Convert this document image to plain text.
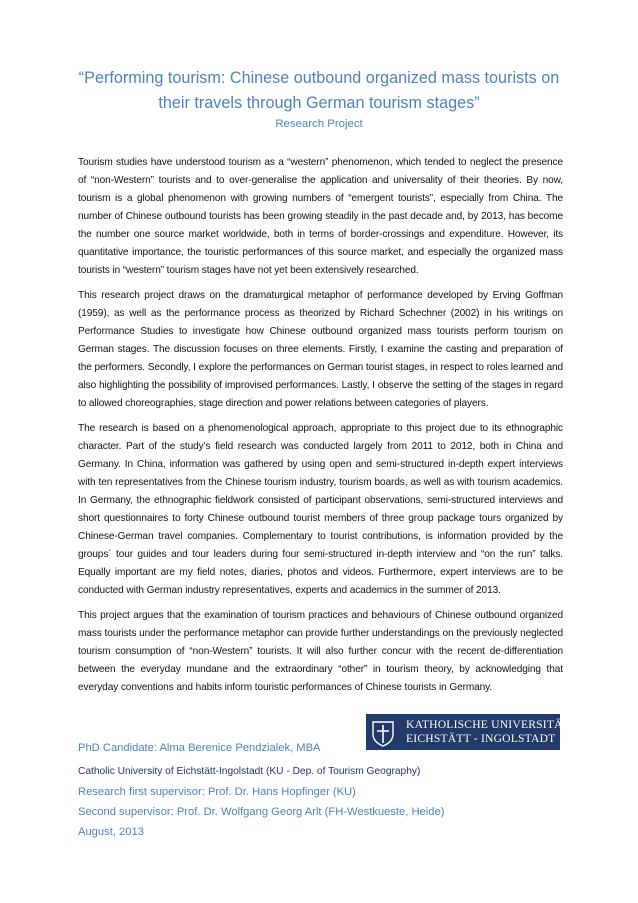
“Performing tourism: Chinese outbound organized mass tourists on
their travels through German tourism stages”
Research Project

Tourism studies have understood tourism as a “western” phenomenon, which tended to neglect the presence of “non-Western” tourists and to over-generalise the application and universality of their theories. By now, tourism is a global phenomenon with growing numbers of “emergent tourists”, especially from China. The number of Chinese outbound tourists has been growing steadily in the past decade and, by 2013, has become the number one source market worldwide, both in terms of border-crossings and expenditure. However, its quantitative importance, the touristic performances of this source market, and especially the organized mass tourists in “western” tourism stages have not yet been extensively researched.

This research project draws on the dramaturgical metaphor of performance developed by Erving Goffman (1959), as well as the performance process as theorized by Richard Schechner (2002) in his writings on Performance Studies to investigate how Chinese outbound organized mass tourists perform tourism on German stages. The discussion focuses on three elements. Firstly, I examine the casting and preparation of the performers. Secondly, I explore the performances on German tourist stages, in respect to roles learned and also highlighting the possibility of improvised performances. Lastly, I observe the setting of the stages in regard to allowed choreographies, stage direction and power relations between categories of players.

The research is based on a phenomenological approach, appropriate to this project due to its ethnographic character. Part of the study’s field research was conducted largely from 2011 to 2012, both in China and Germany. In China, information was gathered by using open and semi-structured in-depth expert interviews with ten representatives from the Chinese tourism industry, tourism boards, as well as with tourism academics. In Germany, the ethnographic fieldwork consisted of participant observations, semi-structured interviews and short questionnaires to forty Chinese outbound tourist members of three group package tours organized by Chinese-German travel companies. Complementary to tourist contributions, is information provided by the groups´ tour guides and tour leaders during four semi-structured in-depth interview and “on the run” talks. Equally important are my field notes, diaries, photos and videos. Furthermore, expert interviews are to be conducted with German industry representatives, experts and academics in the summer of 2013.

This project argues that the examination of tourism practices and behaviours of Chinese outbound organized mass tourists under the performance metaphor can provide further understandings on the previously neglected tourism consumption of “non-Western” tourists. It will also further concur with the recent de-differentiation between the everyday mundane and the extraordinary “other” in tourism theory, by acknowledging that everyday conventions and habits inform touristic performances of Chinese tourists in Germany.

KATHOLISCHE UNIVERSITÄT
EICHSTÄTT - INGOLSTADT
PhD Candidate: Alma Berenice Pendzialek, MBA
Catholic University of Eichstätt-Ingolstadt (KU - Dep. of Tourism Geography)
Research first supervisor: Prof. Dr. Hans Hopfinger (KU)
Second supervisor: Prof. Dr. Wolfgang Georg Arlt (FH-Westkueste, Heide)
August, 2013
